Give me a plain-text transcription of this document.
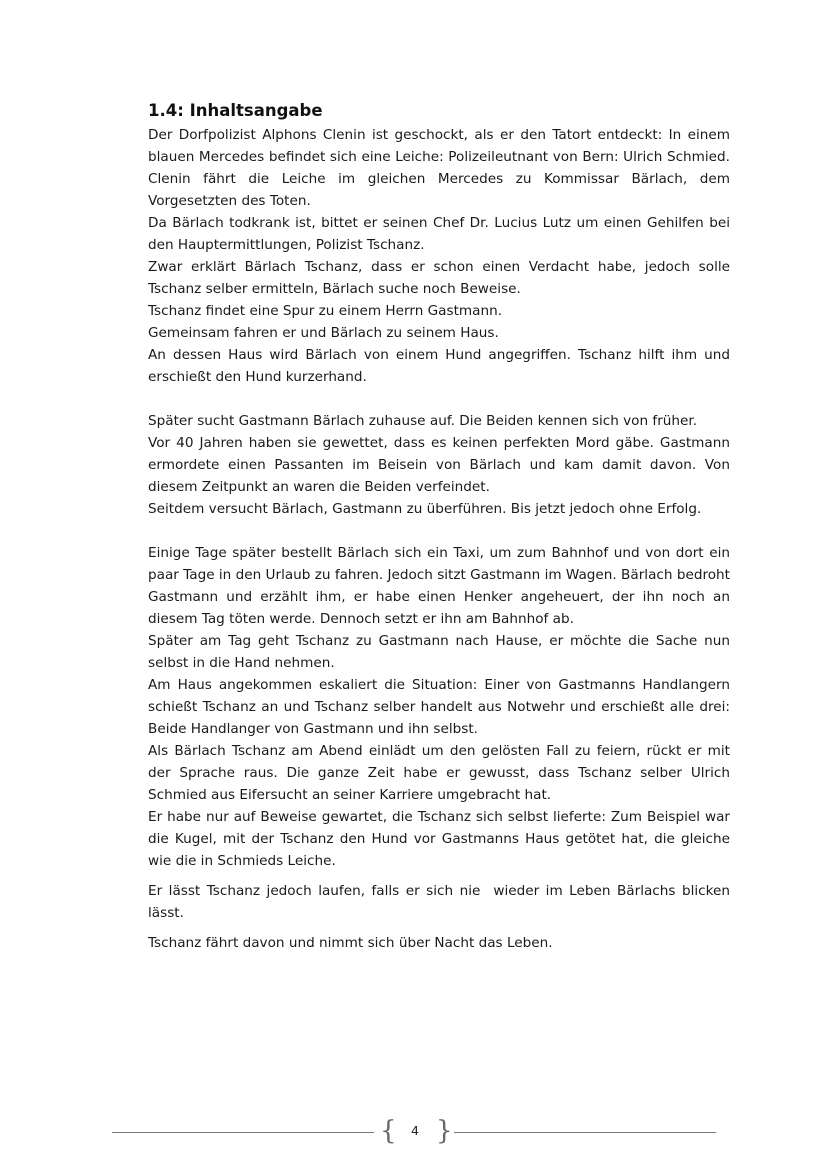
1.4: Inhaltsangabe

Der Dorfpolizist Alphons Clenin ist geschockt, als er den Tatort entdeckt: In einem blauen Mercedes befindet sich eine Leiche: Polizeileutnant von Bern: Ulrich Schmied. Clenin fährt die Leiche im gleichen Mercedes zu Kommissar Bärlach, dem Vorgesetzten des Toten.

Da Bärlach todkrank ist, bittet er seinen Chef Dr. Lucius Lutz um einen Gehilfen bei den Hauptermittlungen, Polizist Tschanz.

Zwar erklärt Bärlach Tschanz, dass er schon einen Verdacht habe, jedoch solle Tschanz selber ermitteln, Bärlach suche noch Beweise.

Tschanz findet eine Spur zu einem Herrn Gastmann.

Gemeinsam fahren er und Bärlach zu seinem Haus.

An dessen Haus wird Bärlach von einem Hund angegriffen. Tschanz hilft ihm und erschießt den Hund kurzerhand.

Später sucht Gastmann Bärlach zuhause auf. Die Beiden kennen sich von früher.

Vor 40 Jahren haben sie gewettet, dass es keinen perfekten Mord gäbe. Gastmann ermordete einen Passanten im Beisein von Bärlach und kam damit davon. Von diesem Zeitpunkt an waren die Beiden verfeindet.

Seitdem versucht Bärlach, Gastmann zu überführen. Bis jetzt jedoch ohne Erfolg.

Einige Tage später bestellt Bärlach sich ein Taxi, um zum Bahnhof und von dort ein paar Tage in den Urlaub zu fahren. Jedoch sitzt Gastmann im Wagen. Bärlach bedroht Gastmann und erzählt ihm, er habe einen Henker angeheuert, der ihn noch an diesem Tag töten werde. Dennoch setzt er ihn am Bahnhof ab.

Später am Tag geht Tschanz zu Gastmann nach Hause, er möchte die Sache nun selbst in die Hand nehmen.

Am Haus angekommen eskaliert die Situation: Einer von Gastmanns Handlangern schießt Tschanz an und Tschanz selber handelt aus Notwehr und erschießt alle drei: Beide Handlanger von Gastmann und ihn selbst.

Als Bärlach Tschanz am Abend einlädt um den gelösten Fall zu feiern, rückt er mit der Sprache raus. Die ganze Zeit habe er gewusst, dass Tschanz selber Ulrich Schmied aus Eifersucht an seiner Karriere umgebracht hat.

Er habe nur auf Beweise gewartet, die Tschanz sich selbst lieferte: Zum Beispiel war die Kugel, mit der Tschanz den Hund vor Gastmanns Haus getötet hat, die gleiche wie die in Schmieds Leiche.

Er lässt Tschanz jedoch laufen, falls er sich nie  wieder im Leben Bärlachs blicken lässt.

Tschanz fährt davon und nimmt sich über Nacht das Leben.

{	4 }
